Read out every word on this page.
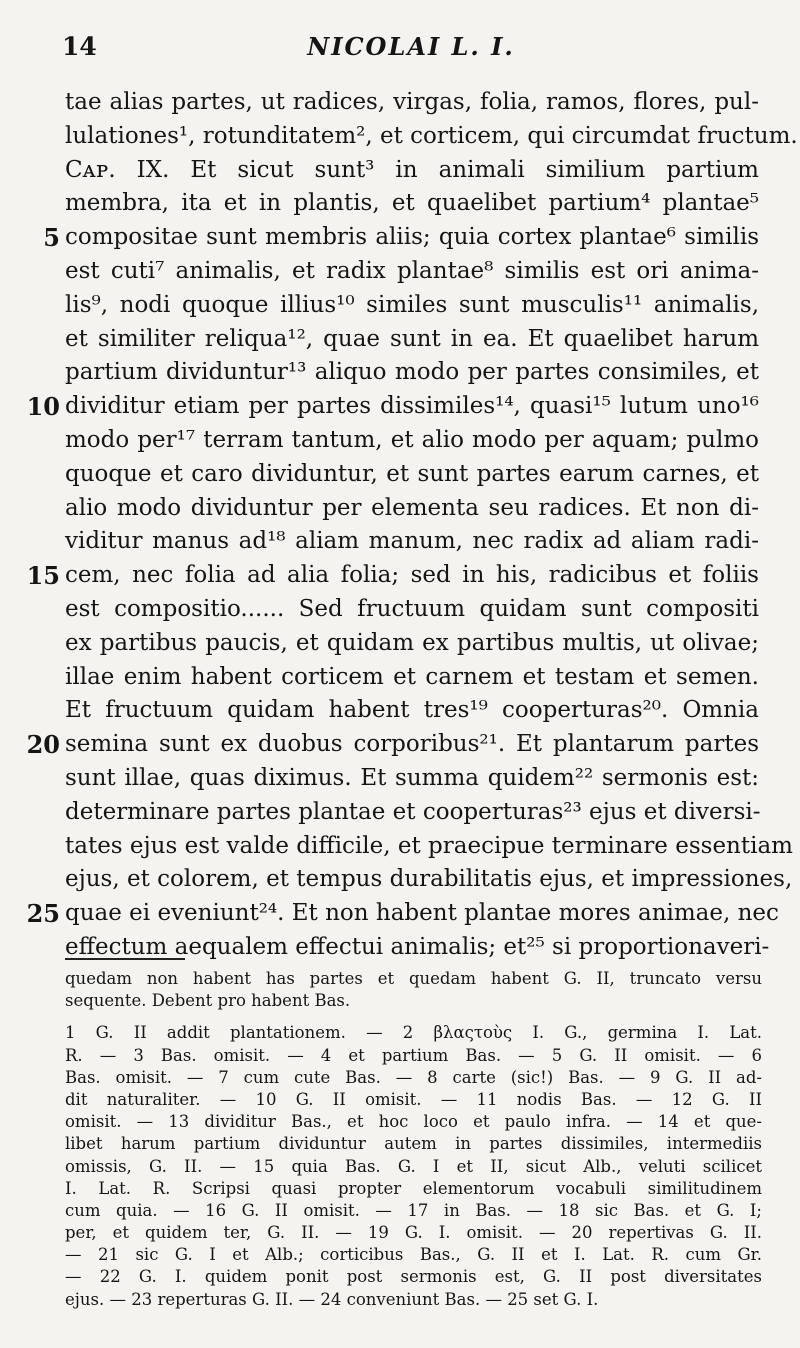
14	NICOLAI L. I.
tae alias partes, ut radices, virgas, folia, ramos, flores, pul-
lulationes¹, rotunditatem², et corticem, qui circumdat fructum.
Cᴀᴘ. IX. Et sicut sunt³ in animali similium partium
membra, ita et in plantis, et quaelibet partium⁴ plantae⁵
5 compositae sunt membris aliis; quia cortex plantae⁶ similis
est cuti⁷ animalis, et radix plantae⁸ similis est ori anima-
lis⁹, nodi quoque illius¹⁰ similes sunt musculis¹¹ animalis,
et similiter reliqua¹², quae sunt in ea. Et quaelibet harum
partium dividuntur¹³ aliquo modo per partes consimiles, et
10 dividitur etiam per partes dissimiles¹⁴, quasi¹⁵ lutum uno¹⁶
modo per¹⁷ terram tantum, et alio modo per aquam; pulmo
quoque et caro dividuntur, et sunt partes earum carnes, et
alio modo dividuntur per elementa seu radices. Et non di-
viditur manus ad¹⁸ aliam manum, nec radix ad aliam radi-
15 cem, nec folia ad alia folia; sed in his, radicibus et foliis
est compositio...... Sed fructuum quidam sunt compositi
ex partibus paucis, et quidam ex partibus multis, ut olivae;
illae enim habent corticem et carnem et testam et semen.
Et fructuum quidam habent tres¹⁹ cooperturas²⁰. Omnia
20 semina sunt ex duobus corporibus²¹. Et plantarum partes
sunt illae, quas diximus. Et summa quidem²² sermonis est:
determinare partes plantae et cooperturas²³ ejus et diversi-
tates ejus est valde difficile, et praecipue terminare essentiam
ejus, et colorem, et tempus durabilitatis ejus, et impressiones,
25 quae ei eveniunt²⁴. Et non habent plantae mores animae, nec
effectum aequalem effectui animalis; et²⁵ si proportionaveri-
quedam non habent has partes et quedam habent G. II, truncato versu
sequente. Debent pro habent Bas.
1 G. II addit plantationem. — 2 βλαςτοὺς I. G., germina I. Lat.
R. — 3 Bas. omisit. — 4 et partium Bas. — 5 G. II omisit. — 6
Bas. omisit. — 7 cum cute Bas. — 8 carte (sic!) Bas. — 9 G. II ad-
dit naturaliter. — 10 G. II omisit. — 11 nodis Bas. — 12 G. II
omisit. — 13 dividitur Bas., et hoc loco et paulo infra. — 14 et que-
libet harum partium dividuntur autem in partes dissimiles, intermediis
omissis, G. II. — 15 quia Bas. G. I et II, sicut Alb., veluti scilicet
I. Lat. R. Scripsi quasi propter elementorum vocabuli similitudinem
cum quia. — 16 G. II omisit. — 17 in Bas. — 18 sic Bas. et G. I;
per, et quidem ter, G. II. — 19 G. I. omisit. — 20 repertivas G. II.
— 21 sic G. I et Alb.; corticibus Bas., G. II et I. Lat. R. cum Gr.
— 22 G. I. quidem ponit post sermonis est, G. II post diversitates
ejus. — 23 reperturas G. II. — 24 conveniunt Bas. — 25 set G. I.
